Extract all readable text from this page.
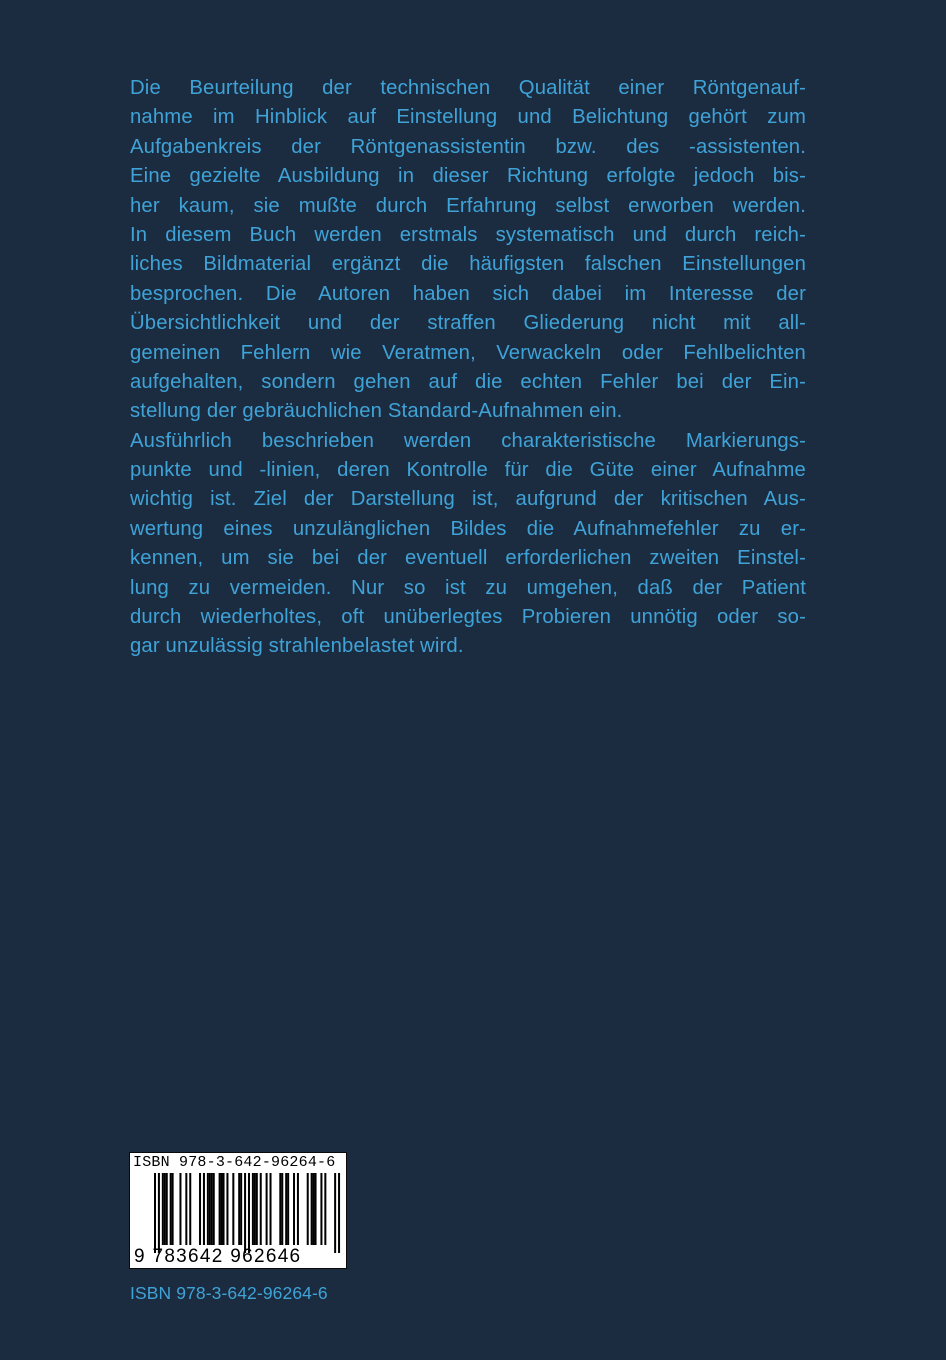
Die Beurteilung der technischen Qualität einer Röntgenauf-
nahme im Hinblick auf Einstellung und Belichtung gehört zum
Aufgabenkreis der Röntgenassistentin bzw. des -assistenten.
Eine gezielte Ausbildung in dieser Richtung erfolgte jedoch bis-
her kaum, sie mußte durch Erfahrung selbst erworben werden.
In diesem Buch werden erstmals systematisch und durch reich-
liches Bildmaterial ergänzt die häufigsten falschen Einstellungen
besprochen. Die Autoren haben sich dabei im Interesse der
Übersichtlichkeit und der straffen Gliederung nicht mit all-
gemeinen Fehlern wie Veratmen, Verwackeln oder Fehlbelichten
aufgehalten, sondern gehen auf die echten Fehler bei der Ein-
stellung der gebräuchlichen Standard-Aufnahmen ein.

Ausführlich beschrieben werden charakteristische Markierungs-
punkte und -linien, deren Kontrolle für die Güte einer Aufnahme
wichtig ist. Ziel der Darstellung ist, aufgrund der kritischen Aus-
wertung eines unzulänglichen Bildes die Aufnahmefehler zu er-
kennen, um sie bei der eventuell erforderlichen zweiten Einstel-
lung zu vermeiden. Nur so ist zu umgehen, daß der Patient
durch wiederholtes, oft unüberlegtes Probieren unnötig oder so-
gar unzulässig strahlenbelastet wird.

ISBN 978-3-642-96264-6
9 783642 962646
ISBN 978-3-642-96264-6
